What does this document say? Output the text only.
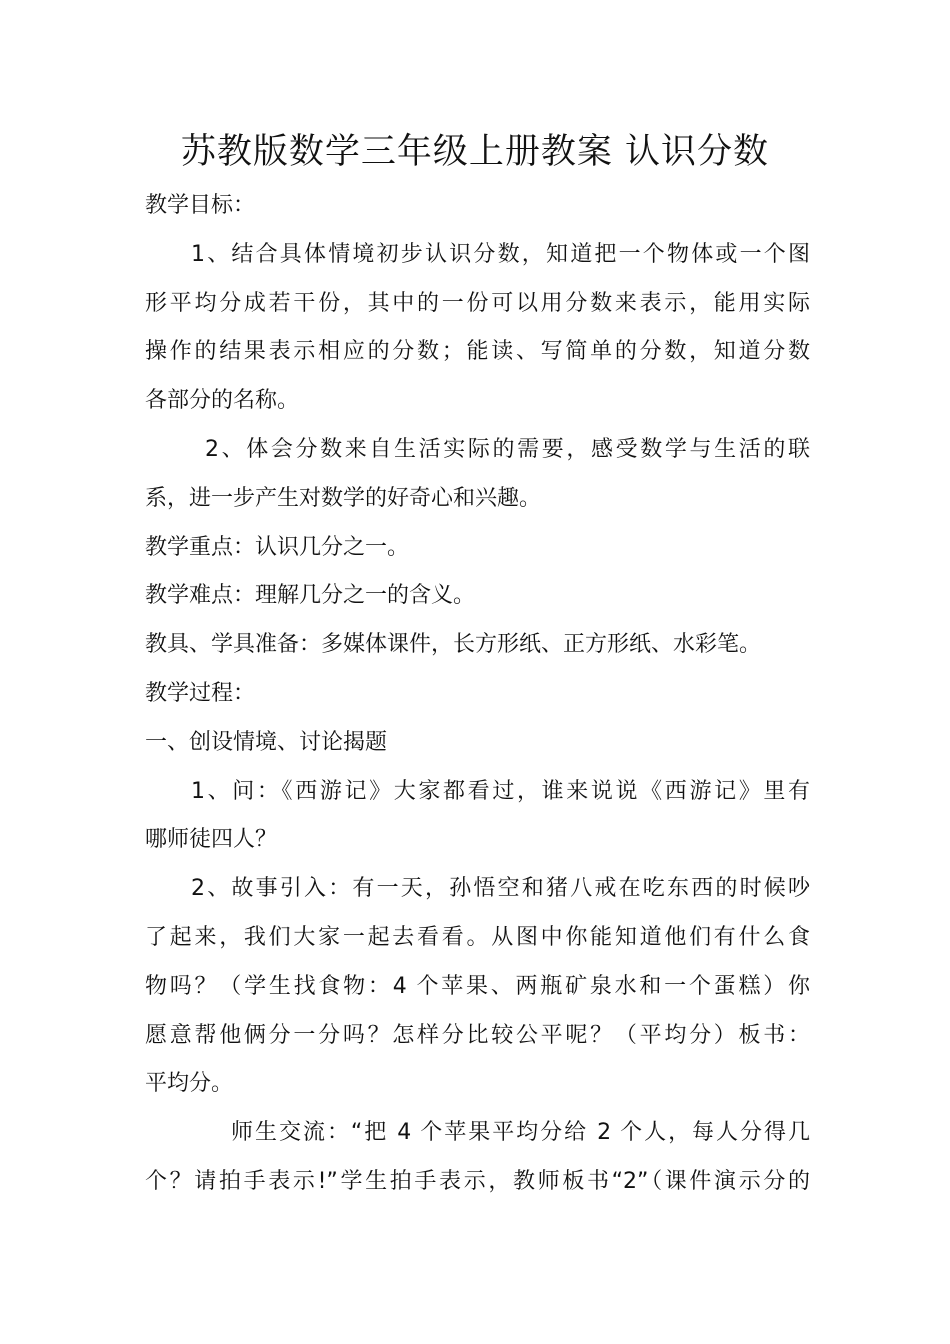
苏教版数学三年级上册教案 认识分数
教学目标：
1、结合具体情境初步认识分数，知道把一个物体或一个图
形平均分成若干份，其中的一份可以用分数来表示，能用实际
操作的结果表示相应的分数；能读、写简单的分数，知道分数
各部分的名称。
2、体会分数来自生活实际的需要，感受数学与生活的联
系，进一步产生对数学的好奇心和兴趣。
教学重点：认识几分之一。
教学难点：理解几分之一的含义。
教具、学具准备：多媒体课件，长方形纸、正方形纸、水彩笔。
教学过程：
一、创设情境、讨论揭题
1、问：《西游记》大家都看过，谁来说说《西游记》里有
哪师徒四人？
2、故事引入：有一天，孙悟空和猪八戒在吃东西的时候吵
了起来，我们大家一起去看看。从图中你能知道他们有什么食
物吗？（学生找食物：4 个苹果、两瓶矿泉水和一个蛋糕）你
愿意帮他俩分一分吗？怎样分比较公平呢？（平均分）板书：
平均分。
师生交流：“把 4 个苹果平均分给 2 个人，每人分得几
个？请拍手表示!”学生拍手表示，教师板书“2”（课件演示分的
